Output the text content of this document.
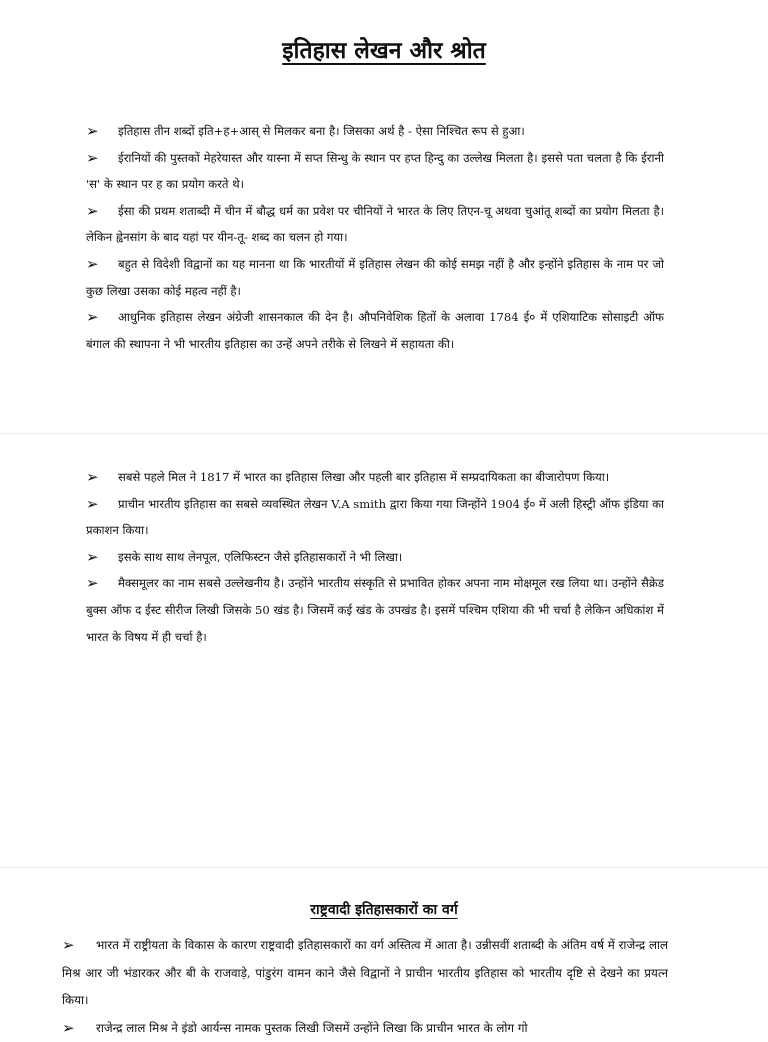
इतिहास लेखन और श्रोत
➢ इतिहास तीन शब्दों इति+ह+आस् से मिलकर बना है। जिसका अर्थ है - ऐसा निश्चित रूप से हुआ।
➢ ईरानियों की पुस्तकों मेहरेयास्त और यास्ना में सप्त सिन्धु के स्थान पर हप्त हिन्दु का उल्लेख मिलता है। इससे पता चलता है कि ईरानी 'स' के स्थान पर ह का प्रयोग करते थे।
➢ ईसा की प्रथम शताब्दी में चीन में बौद्ध धर्म का प्रवेश पर चीनियों ने भारत के लिए तिएन-चू अथवा चुआंतू शब्दों का प्रयोग मिलता है। लेकिन ह्वेनसांग के बाद यहां पर यीन-तू- शब्द का चलन हो गया।
➢ बहुत से विदेशी विद्वानों का यह मानना था कि भारतीयों में इतिहास लेखन की कोई समझ नहीं है और इन्होंने इतिहास के नाम पर जो कुछ लिखा उसका कोई महत्व नहीं है।
➢ आधुनिक इतिहास लेखन अंग्रेजी शासनकाल की देन है। औपनिवेशिक हितों के अलावा 1784 ई० में एशियाटिक सोसाइटी ऑफ बंगाल की स्थापना ने भी भारतीय इतिहास का उन्हें अपने तरीके से लिखने में सहायता की।
➢ सबसे पहले मिल ने 1817 में भारत का इतिहास लिखा और पहली बार इतिहास में सम्प्रदायिकता का बीजारोपण किया।
➢ प्राचीन भारतीय इतिहास का सबसे व्यवस्थित लेखन V.A smith द्वारा किया गया जिन्होंने 1904 ई० में अली हिस्ट्री ऑफ इंडिया का प्रकाशन किया।
➢ इसके साथ साथ लेनपूल, एलिफिस्टन जैसे इतिहासकारों ने भी लिखा।
➢ मैक्समूलर का नाम सबसे उल्लेखनीय है। उन्होंने भारतीय संस्कृति से प्रभावित होकर अपना नाम मोक्षमूल रख लिया था। उन्होंने सैक्रेड बुक्स ऑफ द ईस्ट सीरीज लिखी जिसके 50 खंड है। जिसमें कई खंड के उपखंड है। इसमें पश्चिम एशिया की भी चर्चा है लेकिन अधिकांश में भारत के विषय में ही चर्चा है।
राष्ट्रवादी इतिहासकारों का वर्ग
➢ भारत में राष्ट्रीयता के विकास के कारण राष्ट्रवादी इतिहासकारों का वर्ग अस्तित्व में आता है। उन्नीसवीं शताब्दी के अंतिम वर्ष में राजेन्द्र लाल मिश्र आर जी भंडारकर और बी के राजवाड़े, पांडुरंग वामन काने जैसे विद्वानों ने प्राचीन भारतीय इतिहास को भारतीय दृष्टि से देखने का प्रयत्न किया।
➢ राजेन्द्र लाल मिश्र ने इंडो आर्यन्स नामक पुस्तक लिखी जिसमें उन्होंने लिखा कि प्राचीन भारत के लोग गो
